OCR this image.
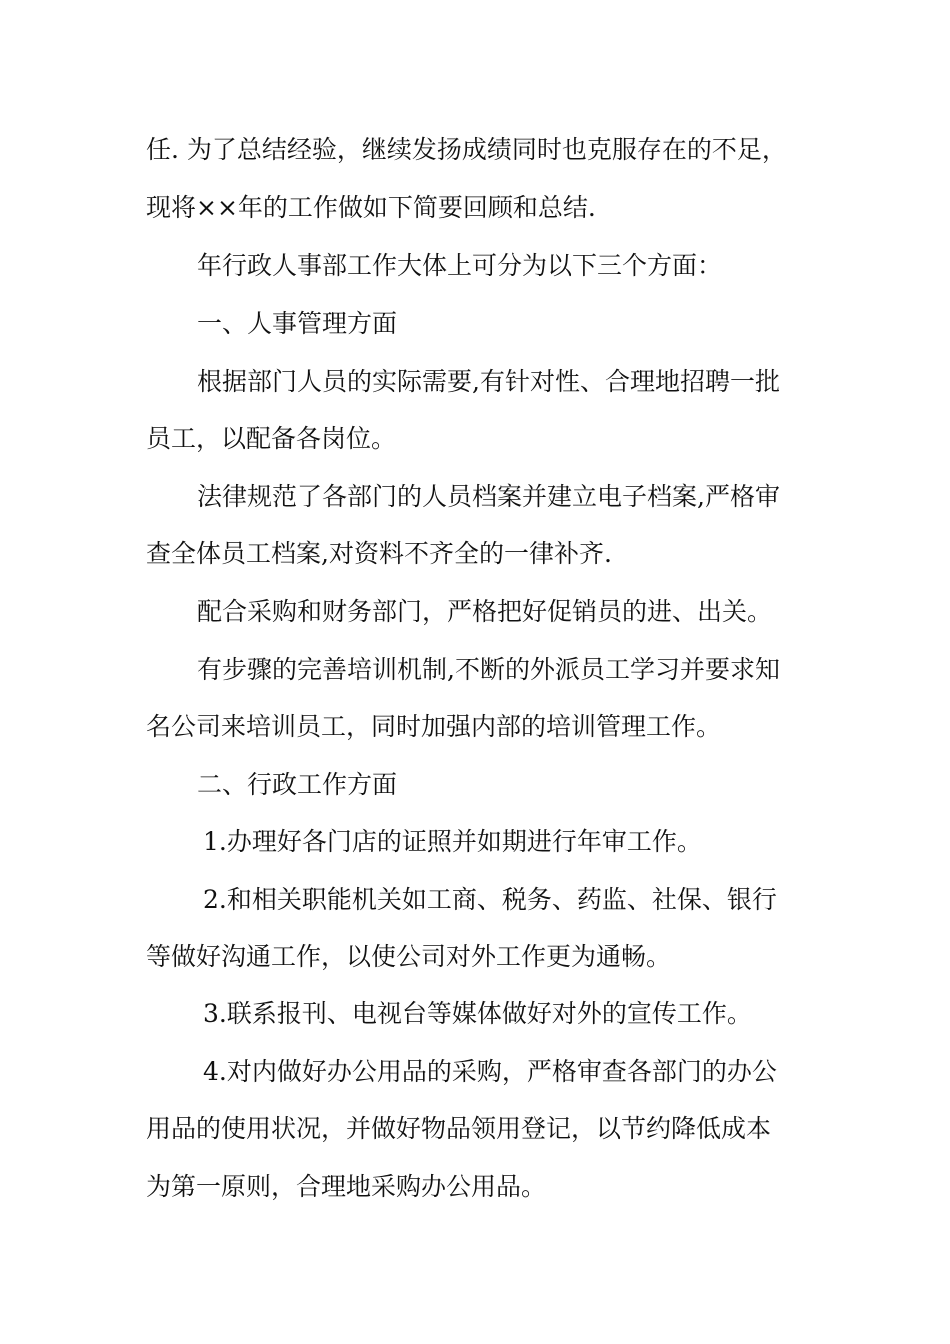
任. 为了总结经验，继续发扬成绩同时也克服存在的不足，
现将××年的工作做如下简要回顾和总结.
年行政人事部工作大体上可分为以下三个方面：
一、人事管理方面
根据部门人员的实际需要,有针对性、合理地招聘一批
员工，以配备各岗位。
法律规范了各部门的人员档案并建立电子档案,严格审
查全体员工档案,对资料不齐全的一律补齐.
配合采购和财务部门，严格把好促销员的进、出关。
有步骤的完善培训机制,不断的外派员工学习并要求知
名公司来培训员工，同时加强内部的培训管理工作。
二、行政工作方面
1.办理好各门店的证照并如期进行年审工作。
2.和相关职能机关如工商、税务、药监、社保、银行
等做好沟通工作，以使公司对外工作更为通畅。
3.联系报刊、电视台等媒体做好对外的宣传工作。
4.对内做好办公用品的采购，严格审查各部门的办公
用品的使用状况，并做好物品领用登记，以节约降低成本
为第一原则，合理地采购办公用品。
